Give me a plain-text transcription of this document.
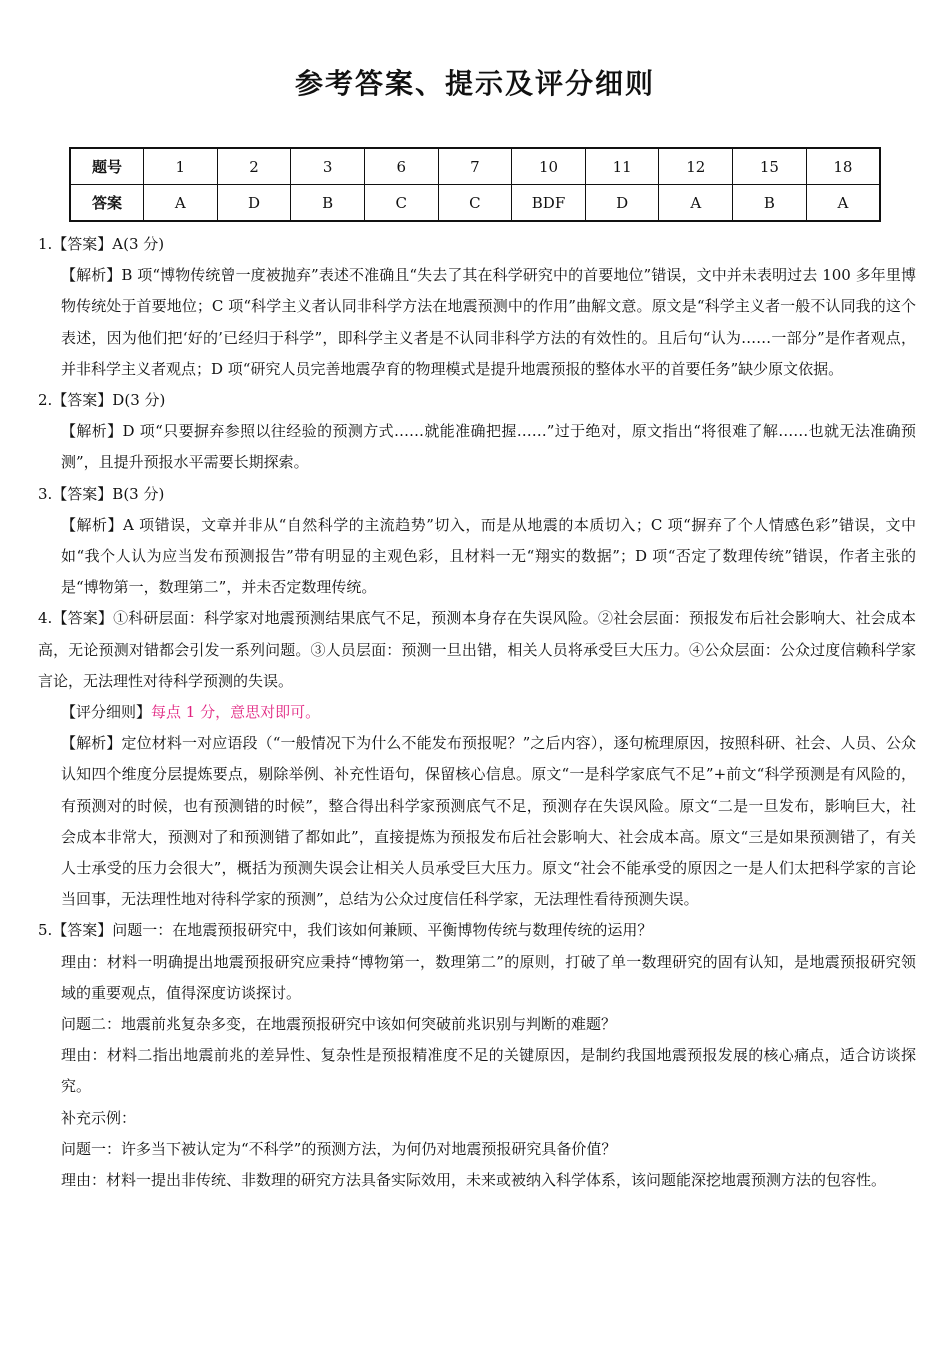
参考答案、提示及评分细则
题号	1	2	3	6	7	10	11	12	15	18
答案	A	D	B	C	C	BDF	D	A	B	A

1.【答案】A(3 分)

【解析】B 项“博物传统曾一度被抛弃”表述不准确且“失去了其在科学研究中的首要地位”错误，文中并未表明过去 100 多年里博物传统处于首要地位；C 项“科学主义者认同非科学方法在地震预测中的作用”曲解文意。原文是“科学主义者一般不认同我的这个表述，因为他们把‘好的’已经归于科学”，即科学主义者是不认同非科学方法的有效性的。且后句“认为……一部分”是作者观点，并非科学主义者观点；D 项“研究人员完善地震孕育的物理模式是提升地震预报的整体水平的首要任务”缺少原文依据。

2.【答案】D(3 分)

【解析】D 项“只要摒弃参照以往经验的预测方式……就能准确把握……”过于绝对，原文指出“将很难了解……也就无法准确预测”，且提升预报水平需要长期探索。

3.【答案】B(3 分)

【解析】A 项错误，文章并非从“自然科学的主流趋势”切入，而是从地震的本质切入；C 项“摒弃了个人情感色彩”错误，文中如“我个人认为应当发布预测报告”带有明显的主观色彩，且材料一无“翔实的数据”；D 项“否定了数理传统”错误，作者主张的是“博物第一，数理第二”，并未否定数理传统。

4.【答案】①科研层面：科学家对地震预测结果底气不足，预测本身存在失误风险。②社会层面：预报发布后社会影响大、社会成本高，无论预测对错都会引发一系列问题。③人员层面：预测一旦出错，相关人员将承受巨大压力。④公众层面：公众过度信赖科学家言论，无法理性对待科学预测的失误。

【评分细则】每点 1 分，意思对即可。

【解析】定位材料一对应语段（“一般情况下为什么不能发布预报呢？”之后内容），逐句梳理原因，按照科研、社会、人员、公众认知四个维度分层提炼要点，剔除举例、补充性语句，保留核心信息。原文“一是科学家底气不足”+前文“科学预测是有风险的，有预测对的时候，也有预测错的时候”，整合得出科学家预测底气不足，预测存在失误风险。原文“二是一旦发布，影响巨大，社会成本非常大，预测对了和预测错了都如此”，直接提炼为预报发布后社会影响大、社会成本高。原文“三是如果预测错了，有关人士承受的压力会很大”，概括为预测失误会让相关人员承受巨大压力。原文“社会不能承受的原因之一是人们太把科学家的言论当回事，无法理性地对待科学家的预测”，总结为公众过度信任科学家，无法理性看待预测失误。

5.【答案】问题一：在地震预报研究中，我们该如何兼顾、平衡博物传统与数理传统的运用？

理由：材料一明确提出地震预报研究应秉持“博物第一，数理第二”的原则，打破了单一数理研究的固有认知，是地震预报研究领域的重要观点，值得深度访谈探讨。

问题二：地震前兆复杂多变，在地震预报研究中该如何突破前兆识别与判断的难题？

理由：材料二指出地震前兆的差异性、复杂性是预报精准度不足的关键原因，是制约我国地震预报发展的核心痛点，适合访谈探究。

补充示例：

问题一：许多当下被认定为“不科学”的预测方法，为何仍对地震预报研究具备价值？

理由：材料一提出非传统、非数理的研究方法具备实际效用，未来或被纳入科学体系，该问题能深挖地震预测方法的包容性。
